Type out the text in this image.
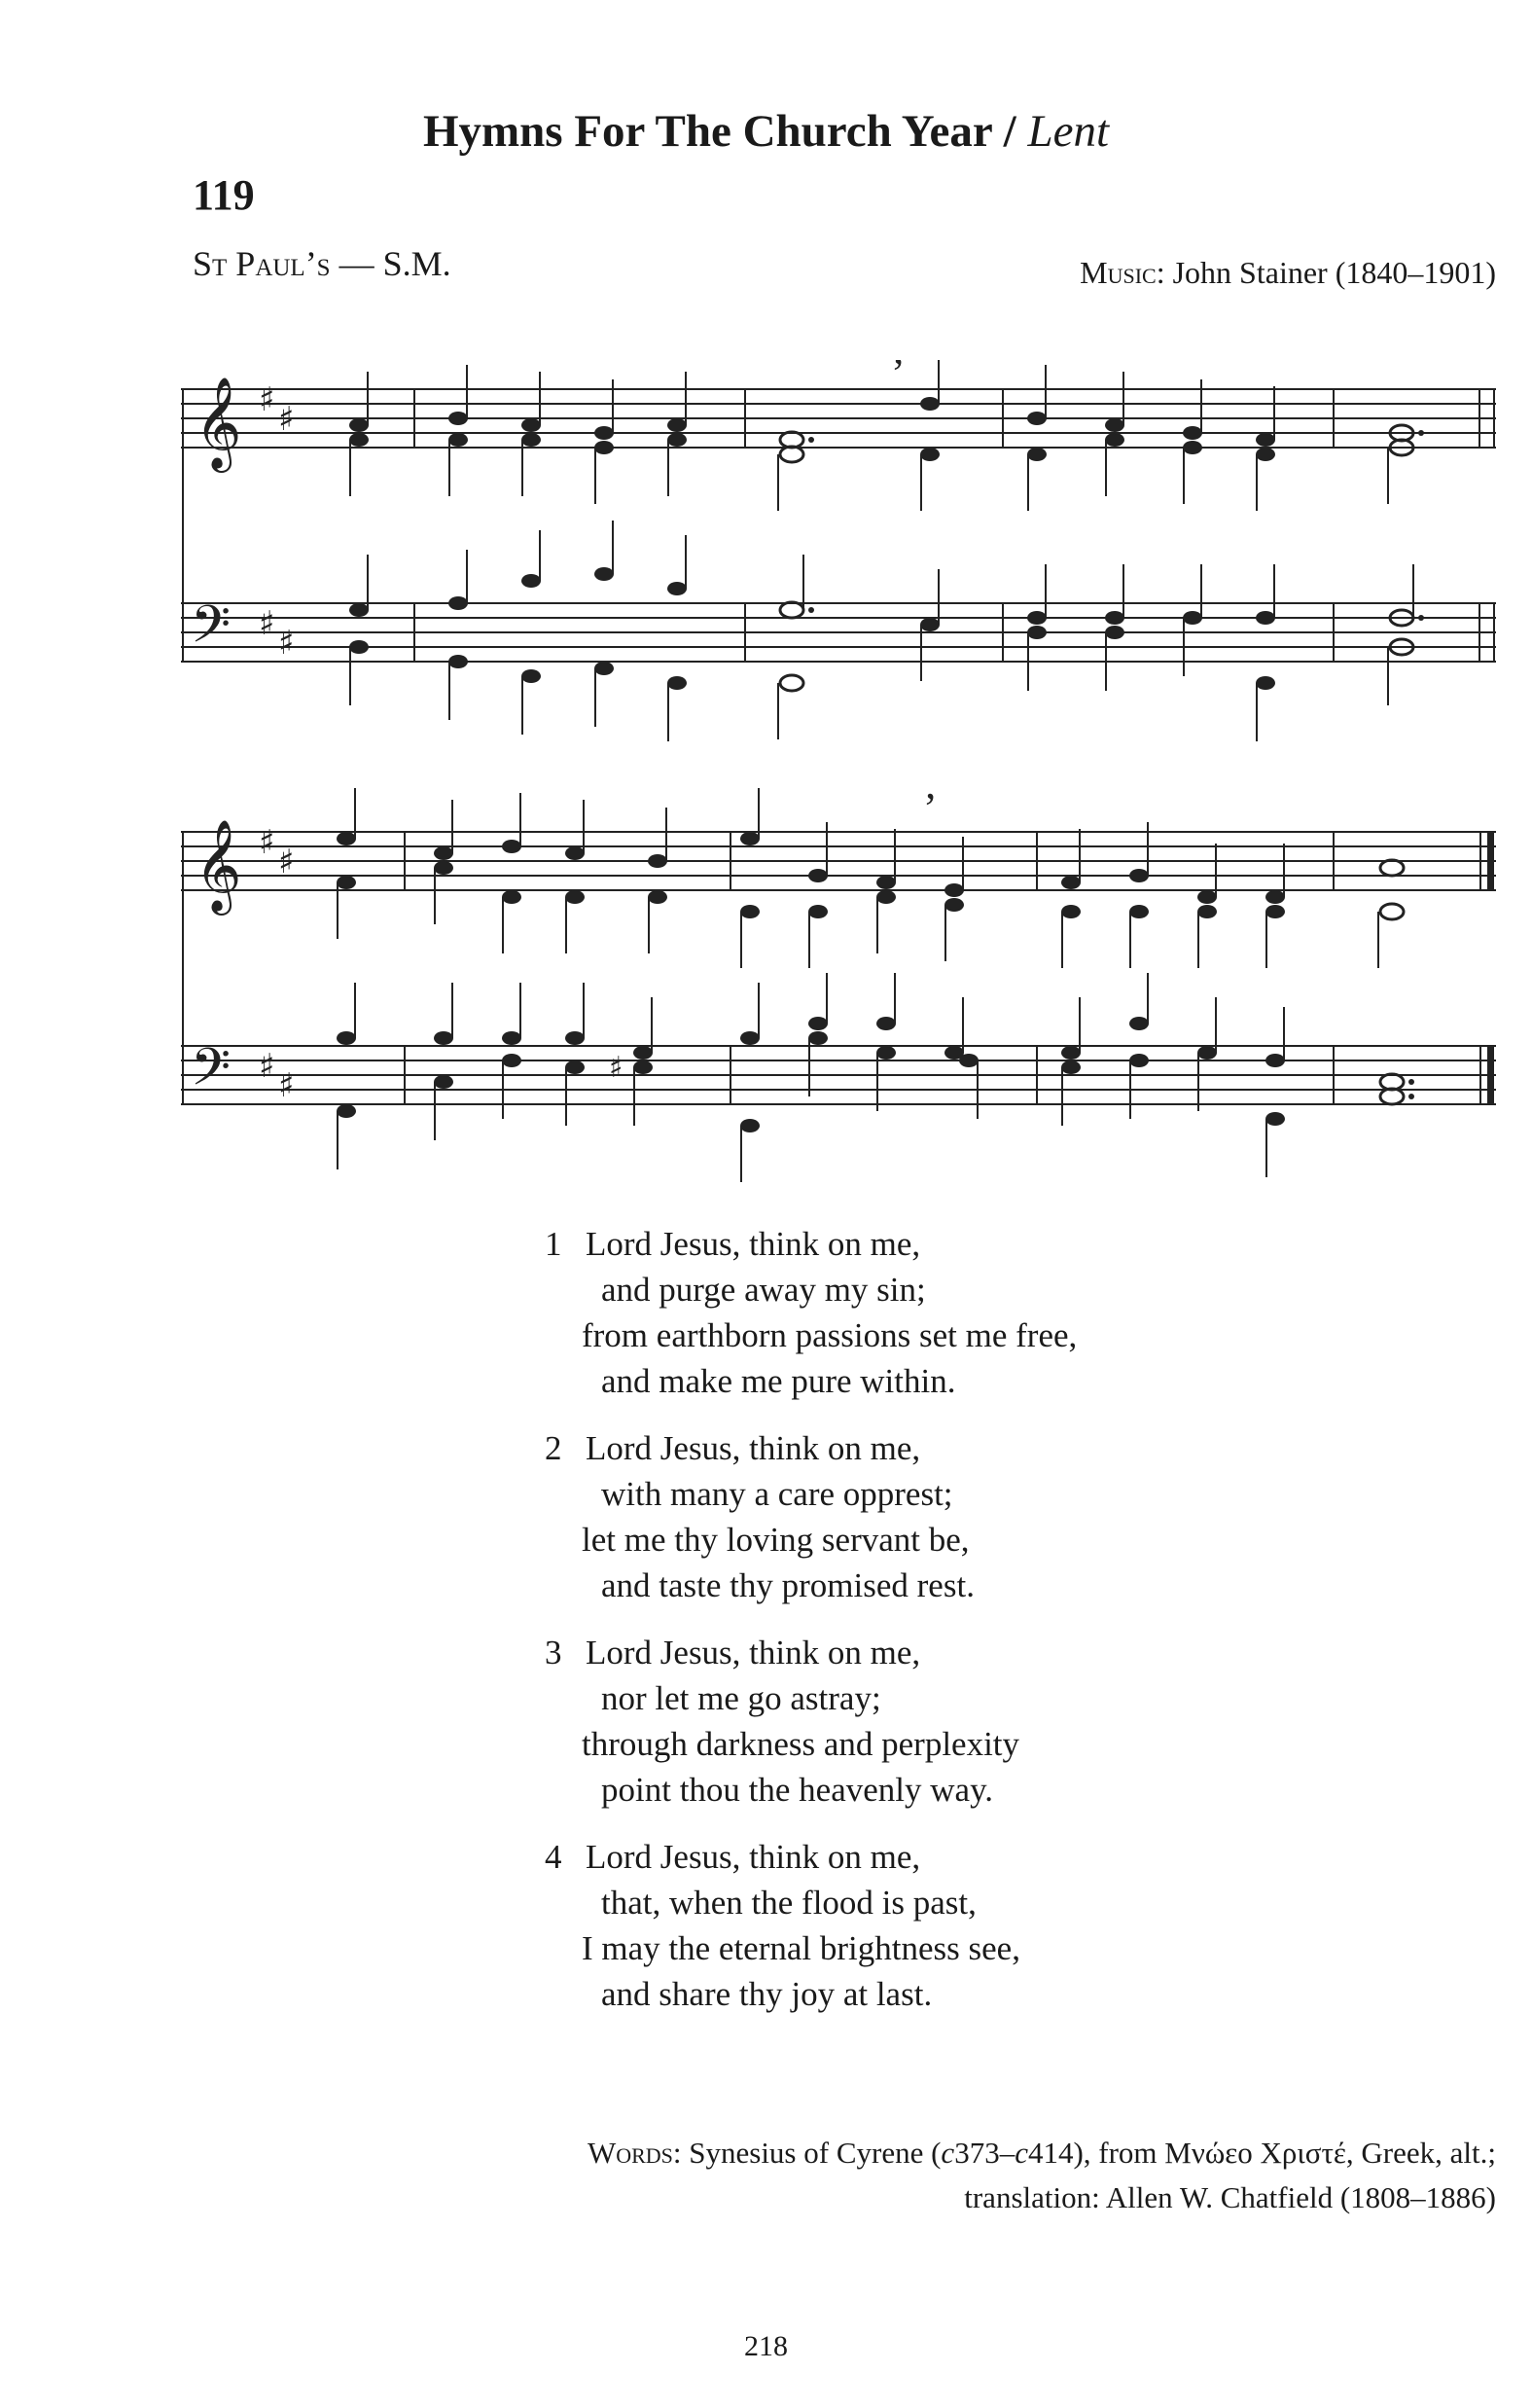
Hymns For The Church Year / Lent
119
St Paul’s — S.M.	Music: John Stainer (1840–1901)
𝄞 ♯ ♯
𝄢 ♯ ♯
’
𝄞 ♯ ♯
𝄢 ♯ ♯
’
♯
1 Lord Jesus, think on me,
and purge away my sin;
from earthborn passions set me free,
and make me pure within.
2 Lord Jesus, think on me,
with many a care opprest;
let me thy loving servant be,
and taste thy promised rest.
3 Lord Jesus, think on me,
nor let me go astray;
through darkness and perplexity
point thou the heavenly way.
4 Lord Jesus, think on me,
that, when the flood is past,
I may the eternal brightness see,
and share thy joy at last.
Words: Synesius of Cyrene (c373–c414), from Μνώεο Χριστέ, Greek, alt.;
translation: Allen W. Chatfield (1808–1886)
218
